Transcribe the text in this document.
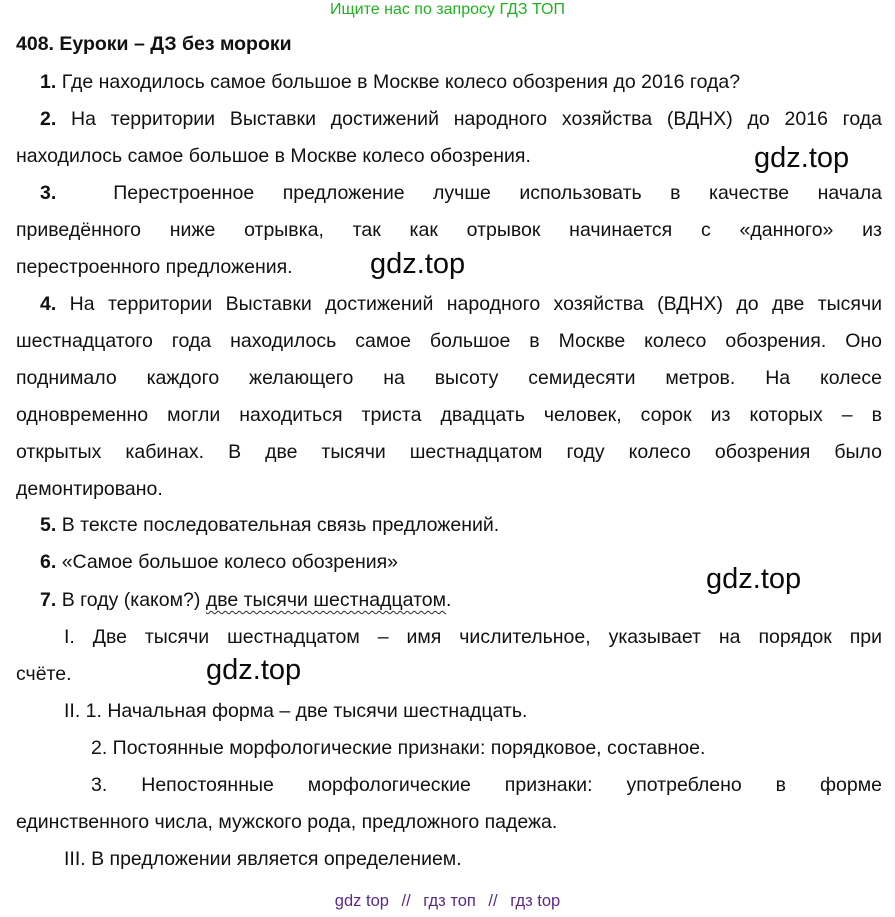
Ищите нас по запросу ГДЗ ТОП
408. Еуроки – ДЗ без мороки
1. Где находилось самое большое в Москве колесо обозрения до 2016 года?
2. На территории Выставки достижений народного хозяйства (ВДНХ) до 2016 года
находилось самое большое в Москве колесо обозрения.
3.	Перестроенное предложение лучше использовать в качестве начала
приведённого ниже отрывка, так как отрывок начинается с «данного» из
перестроенного предложения.
4. На территории Выставки достижений народного хозяйства (ВДНХ) до две тысячи
шестнадцатого года находилось самое большое в Москве колесо обозрения. Оно
поднимало каждого желающего на высоту семидесяти метров. На колесе
одновременно могли находиться триста двадцать человек, сорок из которых – в
открытых кабинах. В две тысячи шестнадцатом году колесо обозрения было
демонтировано.
5. В тексте последовательная связь предложений.
6. «Самое большое колесо обозрения»
7. В году (каком?) две тысячи шестнадцатом.
I. Две тысячи шестнадцатом – имя числительное, указывает на порядок при
счёте.
II. 1. Начальная форма – две тысячи шестнадцать.
2. Постоянные морфологические признаки: порядковое, составное.
3. Непостоянные морфологические признаки: употреблено в форме
единственного числа, мужского рода, предложного падежа.
III. В предложении является определением.
gdz.top
gdz.top
gdz.top
gdz.top
gdz top // гдз топ // гдз top
